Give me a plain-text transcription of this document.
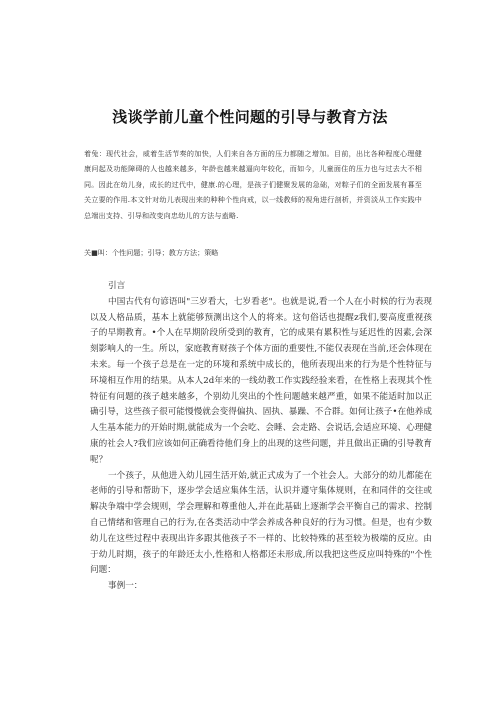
浅谈学前儿童个性问题的引导与教育方法
着兔：现代社会，威着生活节奏的加快，人们来自各方面的压力都随之增加。目前，出比各种程度心理健康问起及功能障碍的人也越来越多，年龄也越来越逼向年较化，而如今，儿童面住的压力也与过去大不相同。因此在幼儿身，成长的过代中，健康.的心理，是孩子们健聚发展的急础，对粽子们的全面发展有暮至关立要的作用.本文针对幼儿表现出来的种种个性向戒，以一线教师的视角进行剖析，并资淡从工作实践中总端出支持、引导和改变向忠幼儿的方法与盍略.
关■叫：个性问题；引导；教方方法；策略

引言

中国古代有句谚语叫"三岁看大，七岁看老"。也就是说,看一个人在小时候的行为表现以及人格品质，基本上就能够预测出这个人的将来。这句俗话也提醒z我们,要高度重视孩子的早期教育。•个人在早期阶段所受到的教育，它的成果有累积性与延迟性的因素,会深刻影响人的一生。所以，家庭教育财孩子个体方面的重要性,不能仅表现在当前,还会体现在未来。每一个孩子总是在一定的环境和系统中成长的，他所表现出来的行为是个性特征与环境相互作用的结果。从本人2d年来的一线幼教工作实践经验来看，在性格上表现其个性特征有问题的孩子越来越多，个别幼儿突出的个性问题越来越严重，如果不能适时加以正确引导，这些孩子很可能慢慢就会变得偏执、固执、暴躁、不合群。如何让孩子•在他养成人生基本能力的开始时期,就能成为一个会吃、会睡、会走路、会说话,会适应环境、心理健康的社会人?我们应该如何正确看待他们身上的出现的这些问题，并且做出正确的引导教育呢？

一个孩子，从他进入幼儿园生活开始,就正式成为了一个社会人。大部分的幼儿都能在老师的引导和帮助下，逐步学会适应集体生活，认识并遵守集体规则，在和同伴的交往或解决争端中学会规则，学会理解和尊重他人,并在此基础上逐渐学会平衡自己的需求、控制自己情绪和管理自己的行为,在各类活动中学会养成各种良好的行为习惯。但是，也有少数幼儿在这些过程中表现出许多跟其他孩子不一样的、比较特殊的甚至较为极端的反应。由于幼儿时期，孩子的年龄还太小,性格和人格都还未形成,所以我把这些反应叫特殊的"个性问题：

事例一：
